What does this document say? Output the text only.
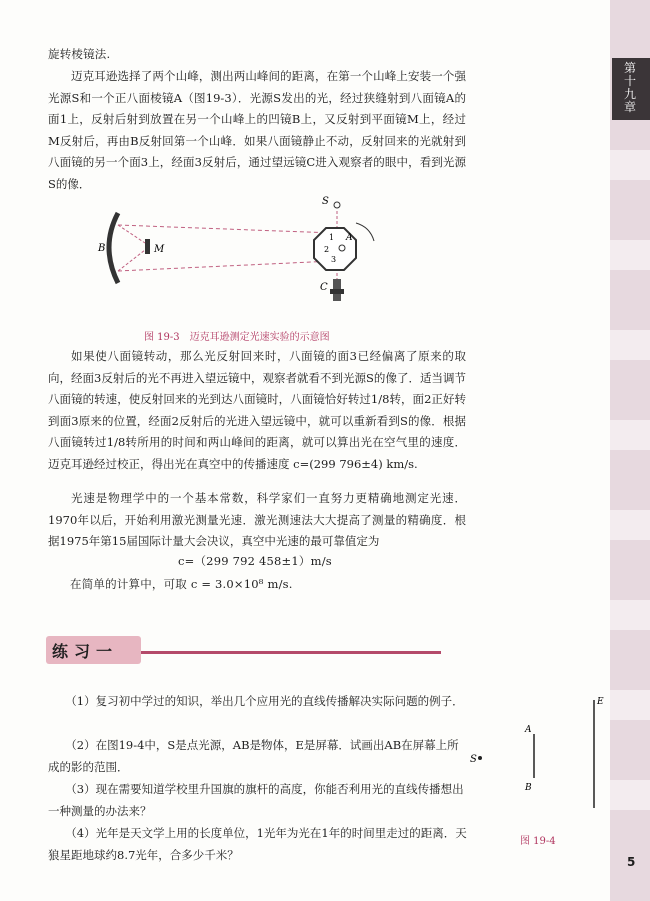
第十九章
旋转棱镜法.

迈克耳逊选择了两个山峰，测出两山峰间的距离，在第一个山峰上安装一个强光源S和一个正八面棱镜A（图19-3）．光源S发出的光，经过狭缝射到八面镜A的面1上，反射后射到放置在另一个山峰上的凹镜B上，又反射到平面镜M上，经过M反射后，再由B反射回第一个山峰．如果八面镜静止不动，反射回来的光就射到八面镜的另一个面3上，经面3反射后，通过望远镜C进入观察者的眼中，看到光源S的像．

B	M
S
A
1
2
3
C
图 19-3　迈克耳逊测定光速实验的示意图

如果使八面镜转动，那么光反射回来时，八面镜的面3已经偏离了原来的取向，经面3反射后的光不再进入望远镜中，观察者就看不到光源S的像了．适当调节八面镜的转速，使反射回来的光到达八面镜时，八面镜恰好转过1/8转，面2正好转到面3原来的位置，经面2反射后的光进入望远镜中，就可以重新看到S的像．根据八面镜转过1/8转所用的时间和两山峰间的距离，就可以算出光在空气里的速度．迈克耳逊经过校正，得出光在真空中的传播速度 c=(299 796±4) km/s.

光速是物理学中的一个基本常数，科学家们一直努力更精确地测定光速．1970年以后，开始利用激光测量光速．激光测速法大大提高了测量的精确度．根据1975年第15届国际计量大会决议，真空中光速的最可靠值定为

c=（299 792 458±1）m/s
在简单的计算中，可取 c = 3.0×10⁸ m/s.
练习一

（1）复习初中学过的知识，举出几个应用光的直线传播解决实际问题的例子．

（2）在图19-4中，S是点光源，AB是物体，E是屏幕．试画出AB在屏幕上所成的影的范围．

（3）现在需要知道学校里升国旗的旗杆的高度，你能否利用光的直线传播想出一种测量的办法来？

（4）光年是天文学上用的长度单位，1光年为光在1年的时间里走过的距离．天狼星距地球约8.7光年，合多少千米？

S
A
B
E
图 19-4
5
